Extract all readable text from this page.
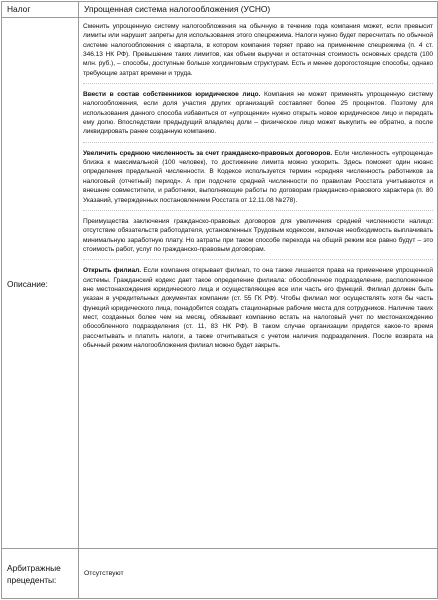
Налог	Упрощенная система налогообложения (УСНО)
Описание:	Сменить упрощенную систему налогообложения на обычную в течение года компания может, если превысит лимиты или нарушит запреты для использования этого спецрежима. Налоги нужно будет пересчитать по обычной системе налогообложения с квартала, в котором компания теряет право на применение спецрежима (п. 4 ст. 346.13 НК РФ). Превышение таких лимитов, как объем выручки и остаточная стоимость основных средств (100 млн. руб.), – способы, доступные больше холдинговым структурам. Есть и менее дорогостоящие способы, однако требующие затрат времени и труда.

Ввести в состав собственников юридическое лицо. Компания не может применять упрощенную систему налогообложения, если доля участия других организаций составляет более 25 процентов. Поэтому для использования данного способа избавиться от «упрощенки» нужно открыть новое юридическое лицо и передать ему долю. Впоследствии предыдущий владелец доли – физическое лицо может выкупить ее обратно, а после ликвидировать ранее созданную компанию.

Увеличить среднюю численность за счет гражданско-правовых договоров. Если численность «упрощенца» близка к максимальной (100 человек), то достижение лимита можно ускорить. Здесь поможет один нюанс определения предельной численности. В Кодексе используется термин «средняя численность работников за налоговый (отчетный) период». А при подсчете средней численности по правилам Росстата учитываются и внешние совместители, и работники, выполняющие работы по договорам гражданско-правового характера (п. 80 Указаний, утвержденных постановлением Росстата от 12.11.08 №278).

Преимущества заключения гражданско-правовых договоров для увеличения средней численности налицо: отсутствие обязательств работодателя, установленных Трудовым кодексом, включая необходимость выплачивать минимальную заработную плату. Но затраты при таком способе перехода на общий режим все равно будут – это стоимость работ, услуг по гражданско-правовым договорам.

Открыть филиал. Если компания открывает филиал, то она также лишается права на применение упрощенной системы. Гражданский кодекс дает такое определение филиала: обособленное подразделение, расположенное вне местонахождения юридического лица и осуществляющее все или часть его функций. Филиал должен быть указан в учредительных документах компании (ст. 55 ГК РФ). Чтобы филиал мог осуществлять хотя бы часть функций юридического лица, понадобится создать стационарные рабочие места для сотрудников. Наличие таких мест, созданных более чем на месяц, обязывает компанию встать на налоговый учет по местонахождению обособленного подразделения (ст. 11, 83 НК РФ). В таком случае организации придется какое-то время рассчитывать и платить налоги, а также отчитываться с учетом наличия подразделения. После возврата на обычный режим налогообложения филиал можно будет закрыть.

Арбитражные прецеденты:	Отсутствуют
